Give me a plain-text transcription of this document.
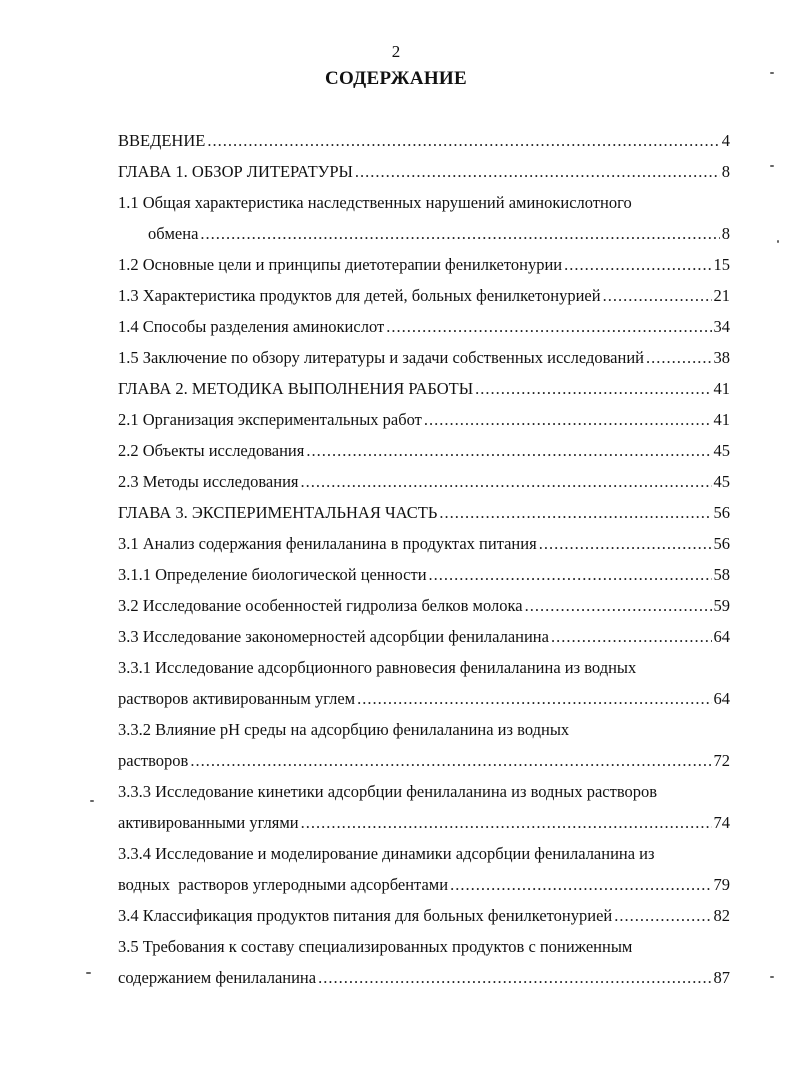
2
СОДЕРЖАНИЕ
ВВЕДЕНИЕ .....	4
ГЛАВА 1. ОБЗОР ЛИТЕРАТУРЫ .....	8
1.1 Общая характеристика наследственных нарушений аминокислотного
обмена .....	8
1.2 Основные цели и принципы диетотерапии фенилкетонурии .....	15
1.3 Характеристика продуктов для детей, больных фенилкетонурией .....	21
1.4 Способы разделения аминокислот .....	34
1.5 Заключение по обзору литературы и задачи собственных исследований .....	38
ГЛАВА 2. МЕТОДИКА ВЫПОЛНЕНИЯ РАБОТЫ .....	41
2.1 Организация экспериментальных работ .....	41
2.2 Объекты исследования .....	45
2.3 Методы исследования .....	45
ГЛАВА 3. ЭКСПЕРИМЕНТАЛЬНАЯ ЧАСТЬ .....	56
3.1 Анализ содержания фенилаланина в продуктах питания .....	56
3.1.1 Определение биологической ценности .....	58
3.2 Исследование особенностей гидролиза белков молока .....	59
3.3 Исследование закономерностей адсорбции фенилаланина .....	64
3.3.1 Исследование адсорбционного равновесия фенилаланина из водных
растворов активированным углем .....	64
3.3.2 Влияние рН среды на адсорбцию фенилаланина из водных
растворов .....	72
3.3.3 Исследование кинетики адсорбции фенилаланина из водных растворов
активированными углями .....	74
3.3.4 Исследование и моделирование динамики адсорбции фенилаланина из
водных  растворов углеродными адсорбентами .....	79
3.4 Классификация продуктов питания для больных фенилкетонурией .....	82
3.5 Требования к составу специализированных продуктов с пониженным
содержанием фенилаланина .....	87
